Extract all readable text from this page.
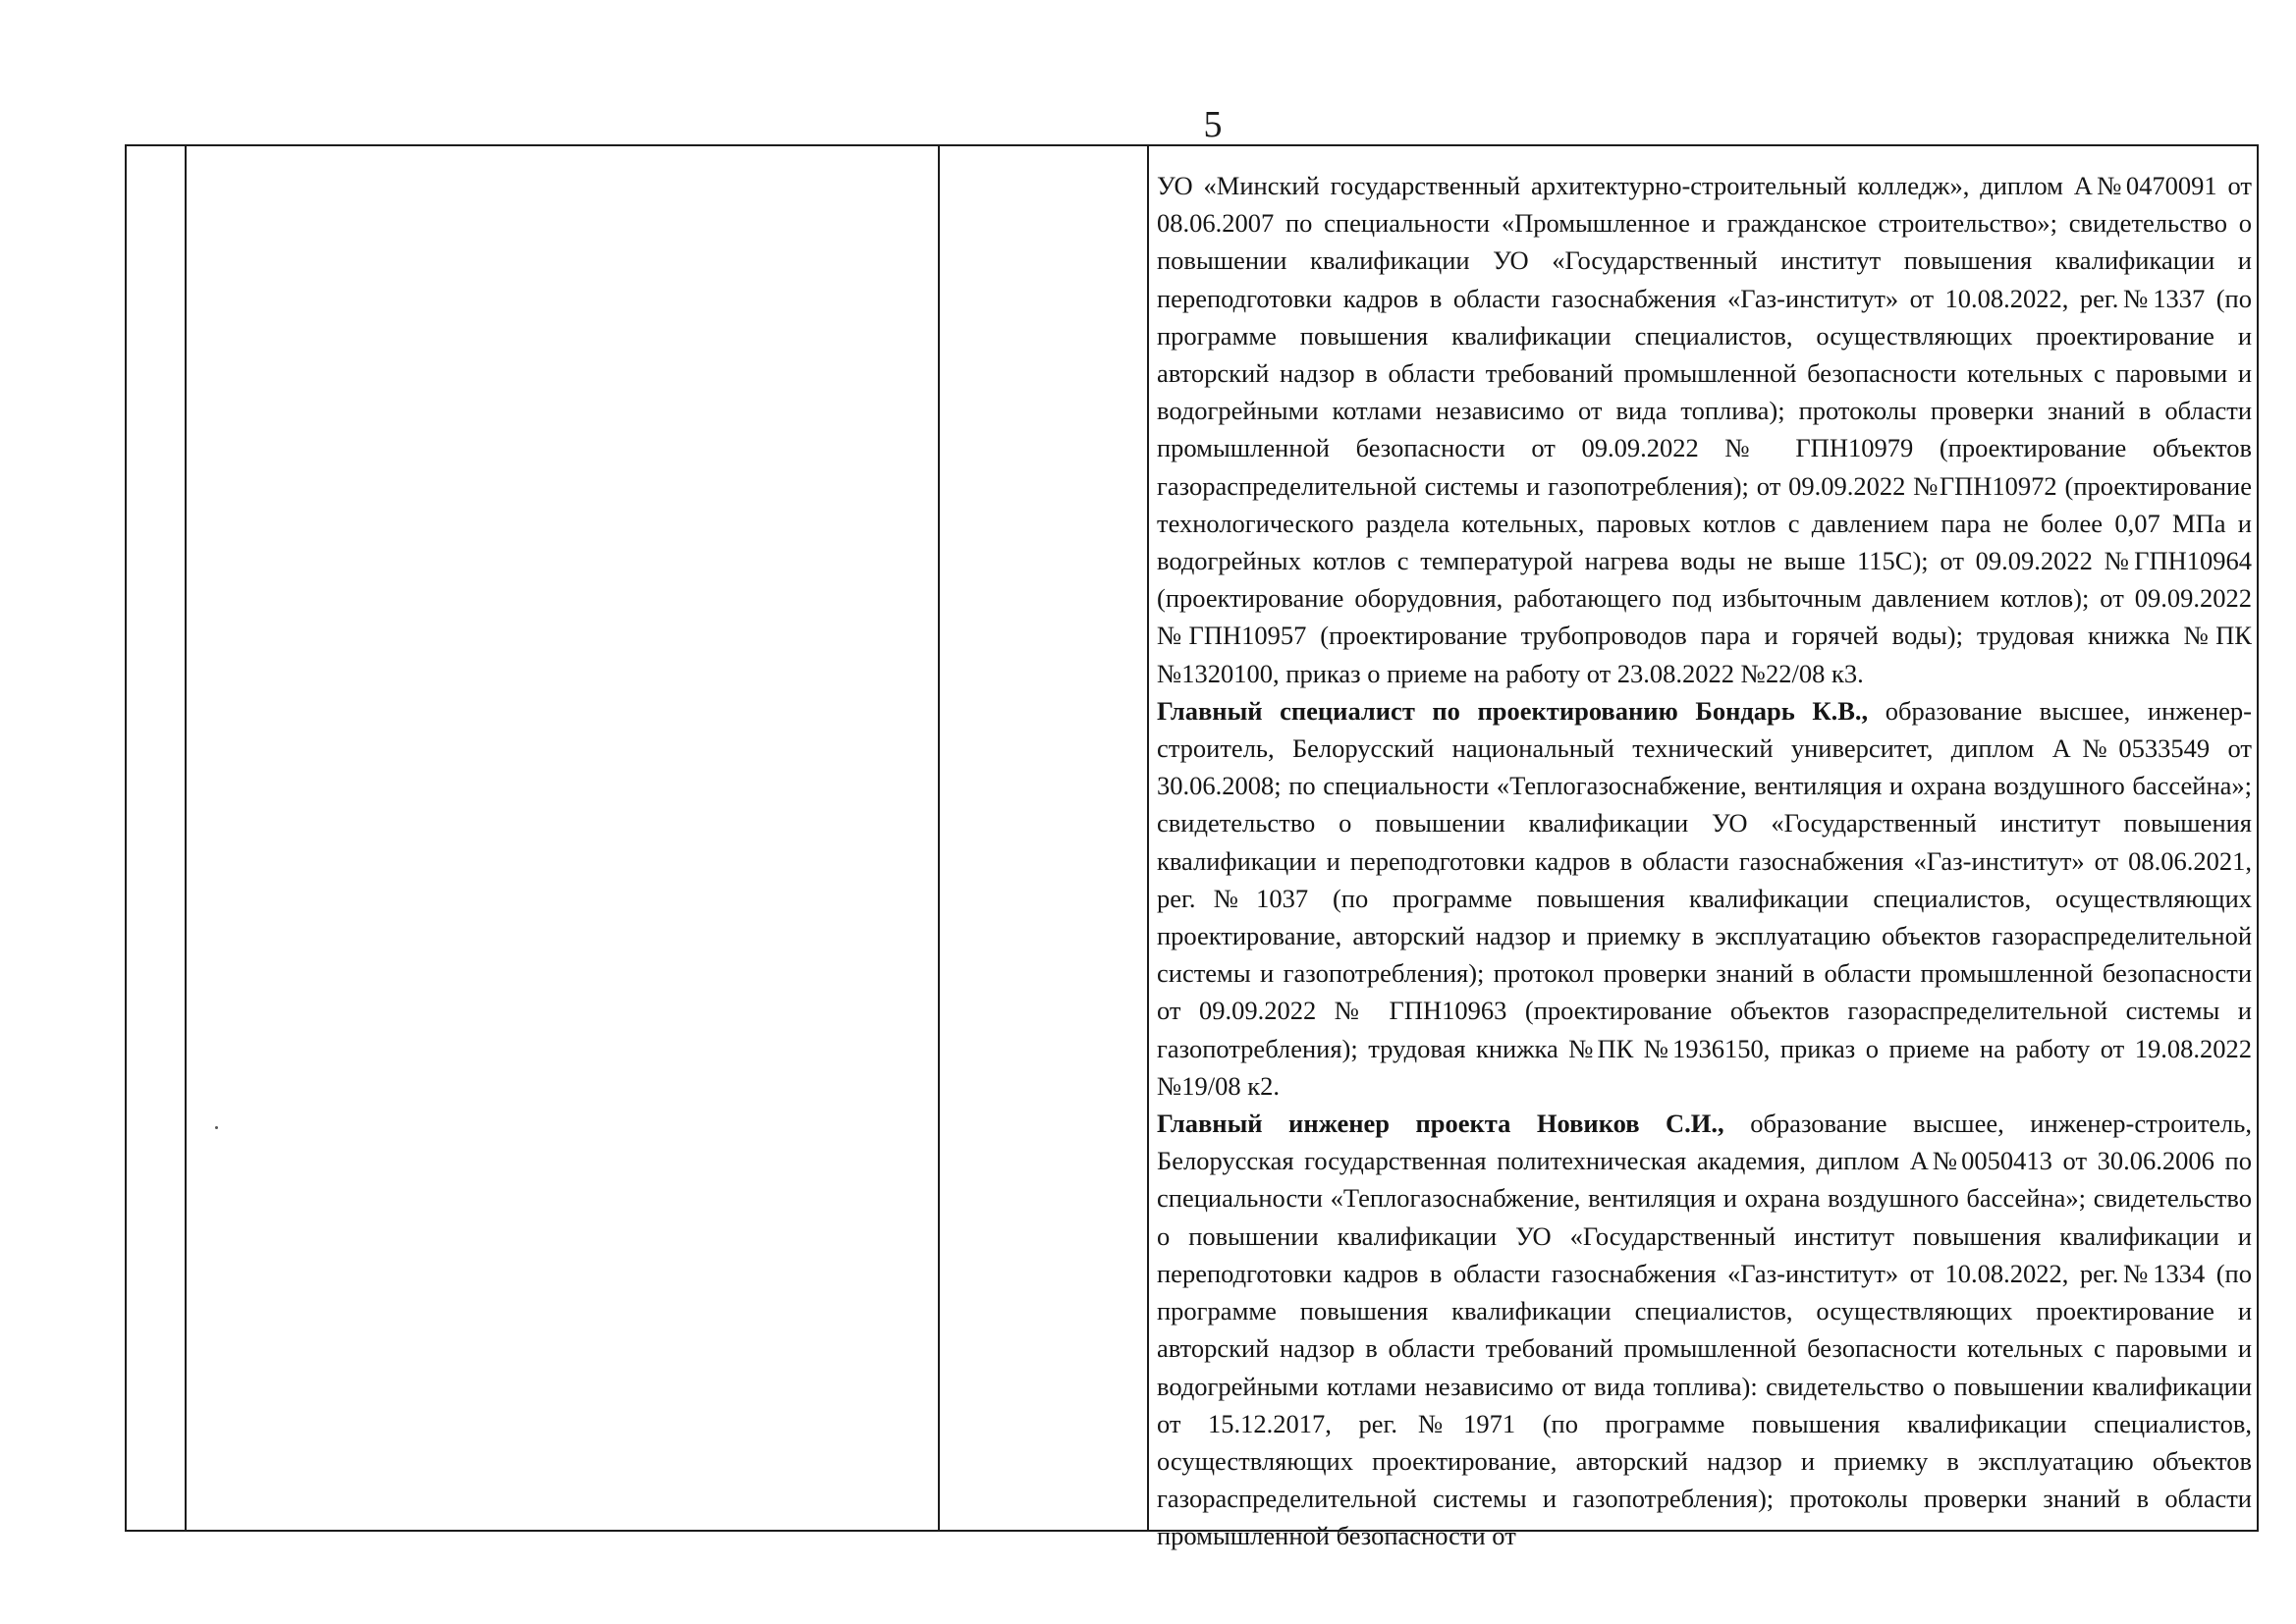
5

УО «Минский государственный архитектурно-строительный колледж», диплом А№0470091 от 08.06.2007 по специальности «Промышленное и гражданское строительство»; свидетельство о повышении квалификации УО «Государственный институт повышения квалификации и переподготовки кадров в области газоснабжения «Газ-институт» от 10.08.2022, рег.№1337 (по программе повышения квалификации специалистов, осуществляющих проектирование и авторский надзор в области требований промышленной безопасности котельных с паровыми и водогрейными котлами независимо от вида топлива); протоколы проверки знаний в области промышленной безопасности от 09.09.2022 № ГПН10979 (проектирование объектов газораспределительной системы и газопотребления); от 09.09.2022 №ГПН10972 (проектирование технологического раздела котельных, паровых котлов с давлением пара не более 0,07 МПа и водогрейных котлов с температурой нагрева воды не выше 115С); от 09.09.2022 №ГПН10964 (проектирование оборудовния, работающего под избыточным давлением котлов); от 09.09.2022 №ГПН10957 (проектирование трубопроводов пара и горячей воды); трудовая книжка №ПК №1320100, приказ о приеме на работу от 23.08.2022 №22/08 к3.

Главный специалист по проектированию Бондарь К.В., образование высшее, инженер-строитель, Белорусский национальный технический университет, диплом А№0533549 от 30.06.2008; по специальности «Теплогазоснабжение, вентиляция и охрана воздушного бассейна»; свидетельство о повышении квалификации УО «Государственный институт повышения квалификации и переподготовки кадров в области газоснабжения «Газ-институт» от 08.06.2021, рег.№1037 (по программе повышения квалификации специалистов, осуществляющих проектирование, авторский надзор и приемку в эксплуатацию объектов газораспределительной системы и газопотребления); протокол проверки знаний в области промышленной безопасности от 09.09.2022 № ГПН10963 (проектирование объектов газораспределительной системы и газопотребления); трудовая книжка №ПК №1936150, приказ о приеме на работу от 19.08.2022 №19/08 к2.

Главный инженер проекта Новиков С.И., образование высшее, инженер-строитель, Белорусская государственная политехническая академия, диплом А№0050413 от 30.06.2006 по специальности «Теплогазоснабжение, вентиляция и охрана воздушного бассейна»; свидетельство о повышении квалификации УО «Государственный институт повышения квалификации и переподготовки кадров в области газоснабжения «Газ-институт» от 10.08.2022, рег.№1334 (по программе повышения квалификации специалистов, осуществляющих проектирование и авторский надзор в области требований промышленной безопасности котельных с паровыми и водогрейными котлами независимо от вида топлива): свидетельство о повышении квалификации от 15.12.2017, рег.№1971 (по программе повышения квалификации специалистов, осуществляющих проектирование, авторский надзор и приемку в эксплуатацию объектов газораспределительной системы и газопотребления); протоколы проверки знаний в области промышленной безопасности от
